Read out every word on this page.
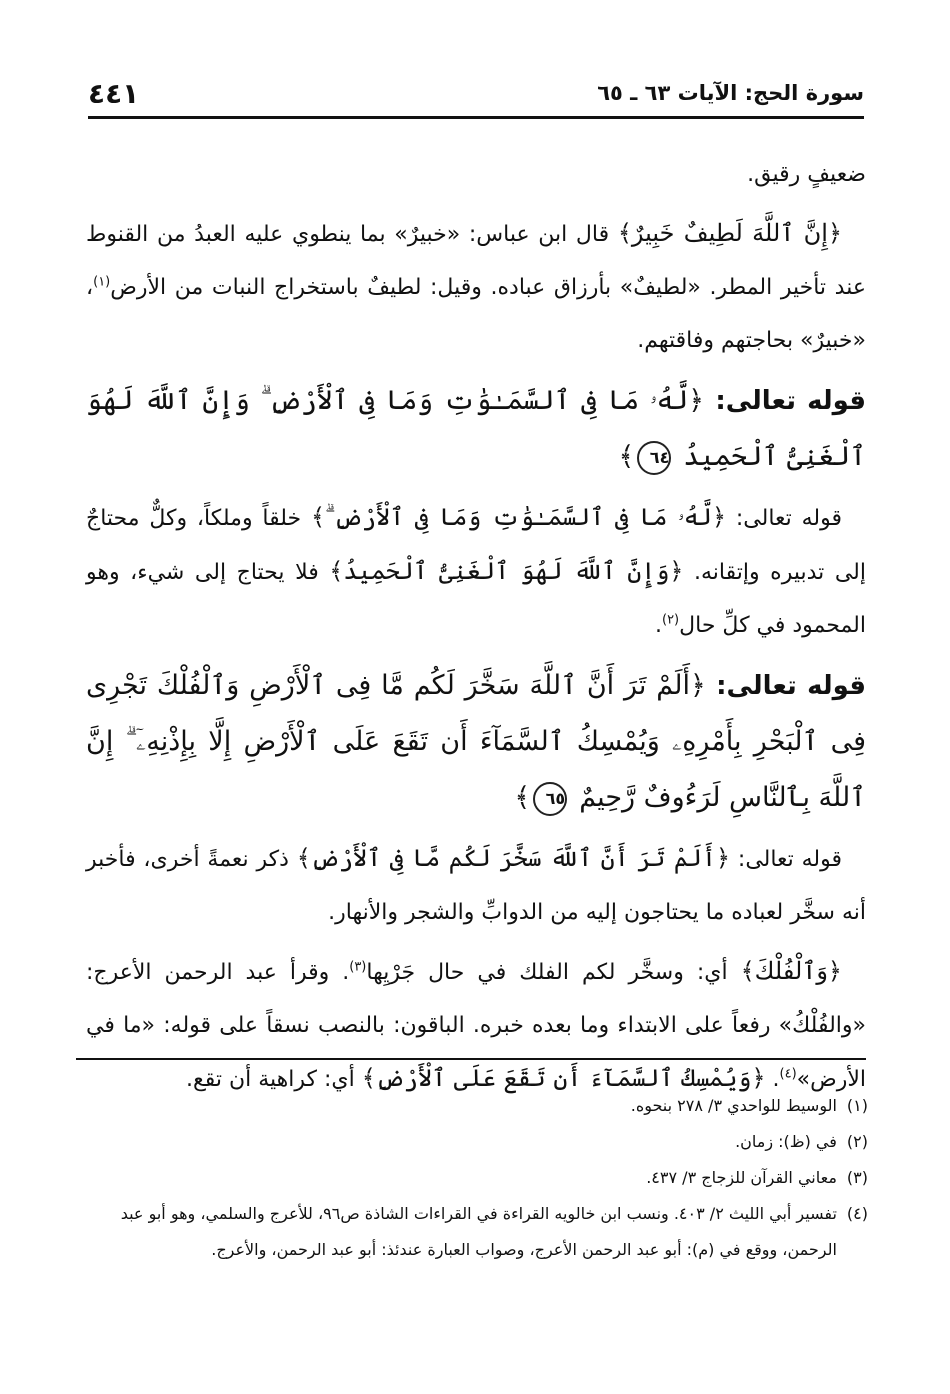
سورة الحج: الآيات ٦٣ ـ ٦٥
٤٤١

ضعيفٍ رقيق.

﴿إِنَّ ٱللَّهَ لَطِيفٌ خَبِيرٌ﴾ قال ابن عباس: «خبيرٌ» بما ينطوي عليه العبدُ من القنوط عند تأخير المطر. «لطيفٌ» بأرزاق عباده. وقيل: لطيفٌ باستخراج النبات من الأرض$^{(١)}$، «خبيرٌ» بحاجتهم وفاقتهم.

قوله تعالى: ﴿لَّهُۥ مَا فِى ٱلسَّمَـٰوَٰتِ وَمَا فِى ٱلْأَرْضِ ۗ وَإِنَّ ٱللَّهَ لَهُوَ ٱلْغَنِىُّ ٱلْحَمِيدُ ٦٤﴾

قوله تعالى: ﴿لَّهُۥ مَا فِى ٱلسَّمَـٰوَٰتِ وَمَا فِى ٱلْأَرْضِ ۗ﴾ خلقاً وملكاً، وكلٌّ محتاجٌ إلى تدبيره وإتقانه. ﴿وَإِنَّ ٱللَّهَ لَهُوَ ٱلْغَنِىُّ ٱلْحَمِيدُ﴾ فلا يحتاج إلى شيء، وهو المحمود في كلِّ حال$^{(٢)}$.

قوله تعالى: ﴿أَلَمْ تَرَ أَنَّ ٱللَّهَ سَخَّرَ لَكُم مَّا فِى ٱلْأَرْضِ وَٱلْفُلْكَ تَجْرِى فِى ٱلْبَحْرِ بِأَمْرِهِۦ وَيُمْسِكُ ٱلسَّمَآءَ أَن تَقَعَ عَلَى ٱلْأَرْضِ إِلَّا بِإِذْنِهِۦٓ ۗ إِنَّ ٱللَّهَ بِٱلنَّاسِ لَرَءُوفٌ رَّحِيمٌ ٦٥﴾

قوله تعالى: ﴿أَلَمْ تَرَ أَنَّ ٱللَّهَ سَخَّرَ لَكُم مَّا فِى ٱلْأَرْضِ﴾ ذكر نعمةً أخرى، فأخبر أنه سخَّر لعباده ما يحتاجون إليه من الدوابِّ والشجر والأنهار.

﴿وَٱلْفُلْكَ﴾ أي: وسخَّر لكم الفلك في حال جَرْيِها$^{(٣)}$. وقرأ عبد الرحمن الأعرج: «والفُلْكُ» رفعاً على الابتداء وما بعده خبره. الباقون: بالنصب نسقاً على قوله: «ما في الأرض»$^{(٤)}$. ﴿وَيُمْسِكُ ٱلسَّمَآءَ أَن تَقَعَ عَلَى ٱلْأَرْضِ﴾ أي: كراهية أن تقع.

(١)
الوسيط للواحدي ٣/ ٢٧٨ بنحوه.
(٢)
في (ظ): زمان.
(٣)
معاني القرآن للزجاج ٣/ ٤٣٧.
(٤)
تفسير أبي الليث ٢/ ٤٠٣. ونسب ابن خالويه القراءة في القراءات الشاذة ص٩٦، للأعرج والسلمي، وهو أبو عبد الرحمن، ووقع في (م): أبو عبد الرحمن الأعرج، وصواب العبارة عندئذ: أبو عبد الرحمن، والأعرج.
